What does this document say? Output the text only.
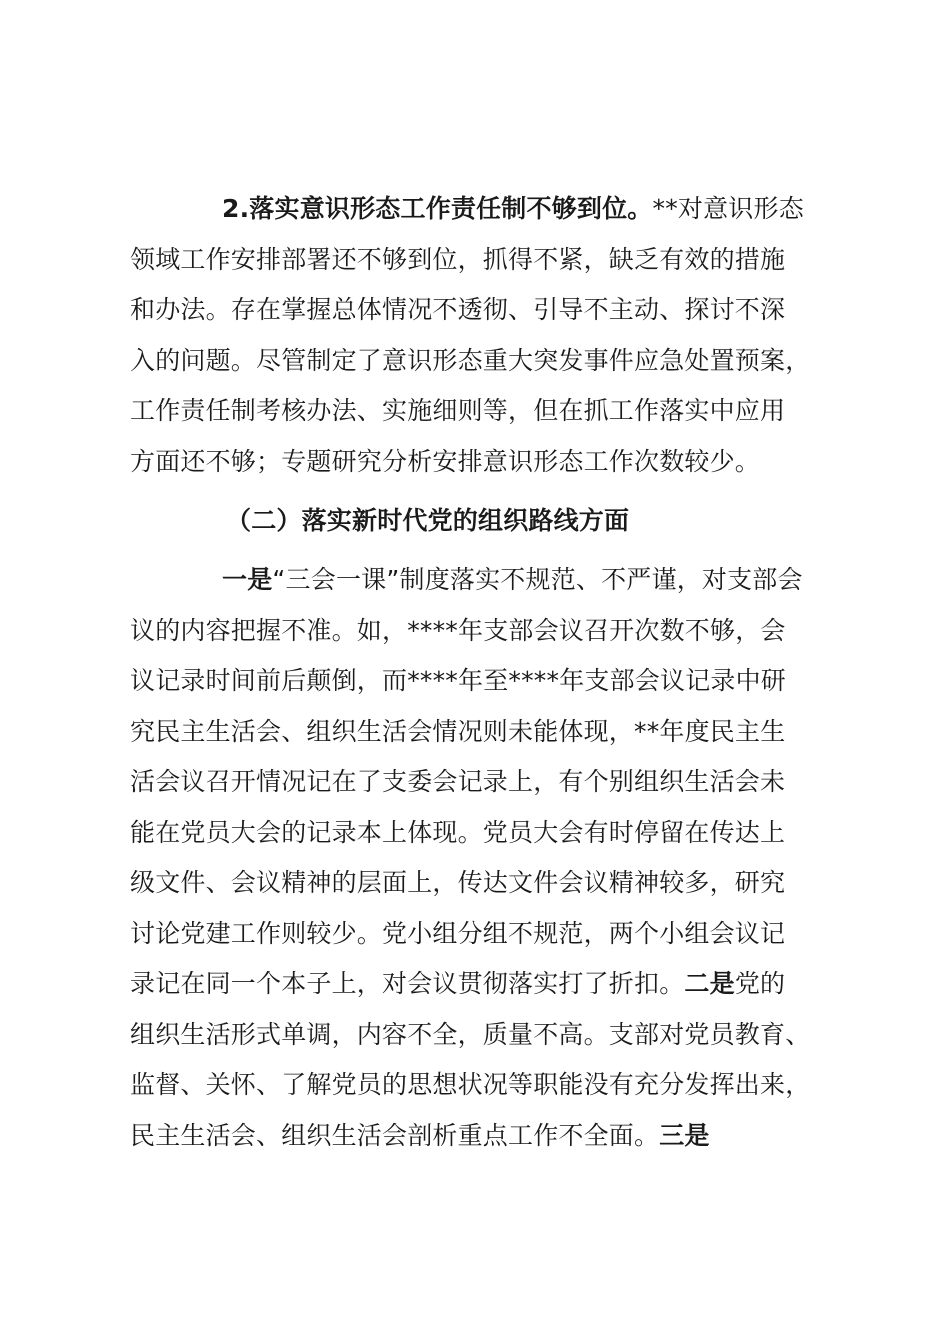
2.落实意识形态工作责任制不够到位。**对意识形态
领域工作安排部署还不够到位，抓得不紧，缺乏有效的措施
和办法。存在掌握总体情况不透彻、引导不主动、探讨不深
入的问题。尽管制定了意识形态重大突发事件应急处置预案，
工作责任制考核办法、实施细则等，但在抓工作落实中应用
方面还不够；专题研究分析安排意识形态工作次数较少。
（二）落实新时代党的组织路线方面
一是“三会一课”制度落实不规范、不严谨，对支部会
议的内容把握不准。如，****年支部会议召开次数不够，会
议记录时间前后颠倒，而****年至****年支部会议记录中研
究民主生活会、组织生活会情况则未能体现，**年度民主生
活会议召开情况记在了支委会记录上，有个别组织生活会未
能在党员大会的记录本上体现。党员大会有时停留在传达上
级文件、会议精神的层面上，传达文件会议精神较多，研究
讨论党建工作则较少。党小组分组不规范，两个小组会议记
录记在同一个本子上，对会议贯彻落实打了折扣。二是党的
组织生活形式单调，内容不全，质量不高。支部对党员教育、
监督、关怀、了解党员的思想状况等职能没有充分发挥出来，
民主生活会、组织生活会剖析重点工作不全面。三是
